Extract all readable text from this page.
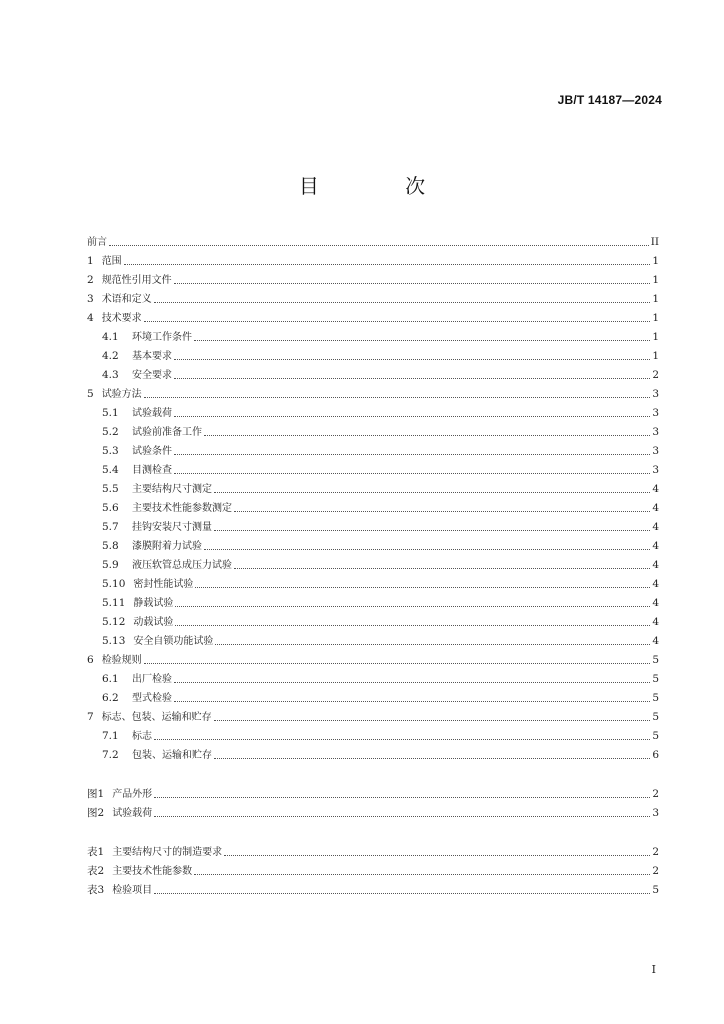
JB/T 14187—2024
目 次
前言	II
1 范围	1
2 规范性引用文件	1
3 术语和定义	1
4 技术要求	1
4.1	环境工作条件	1
4.2	基本要求	1
4.3	安全要求	2
5 试验方法	3
5.1	试验载荷	3
5.2	试验前准备工作	3
5.3	试验条件	3
5.4	目测检查	3
5.5	主要结构尺寸测定	4
5.6	主要技术性能参数测定	4
5.7	挂钩安装尺寸测量	4
5.8	漆膜附着力试验	4
5.9	液压软管总成压力试验	4
5.10 密封性能试验	4
5.11 静载试验	4
5.12 动载试验	4
5.13 安全自锁功能试验	4
6 检验规则	5
6.1	出厂检验	5
6.2	型式检验	5
7 标志、包装、运输和贮存	5
7.1	标志	5
7.2	包装、运输和贮存	6
图1 产品外形	2
图2 试验载荷	3
表1 主要结构尺寸的制造要求	2
表2 主要技术性能参数	2
表3 检验项目	5
I
